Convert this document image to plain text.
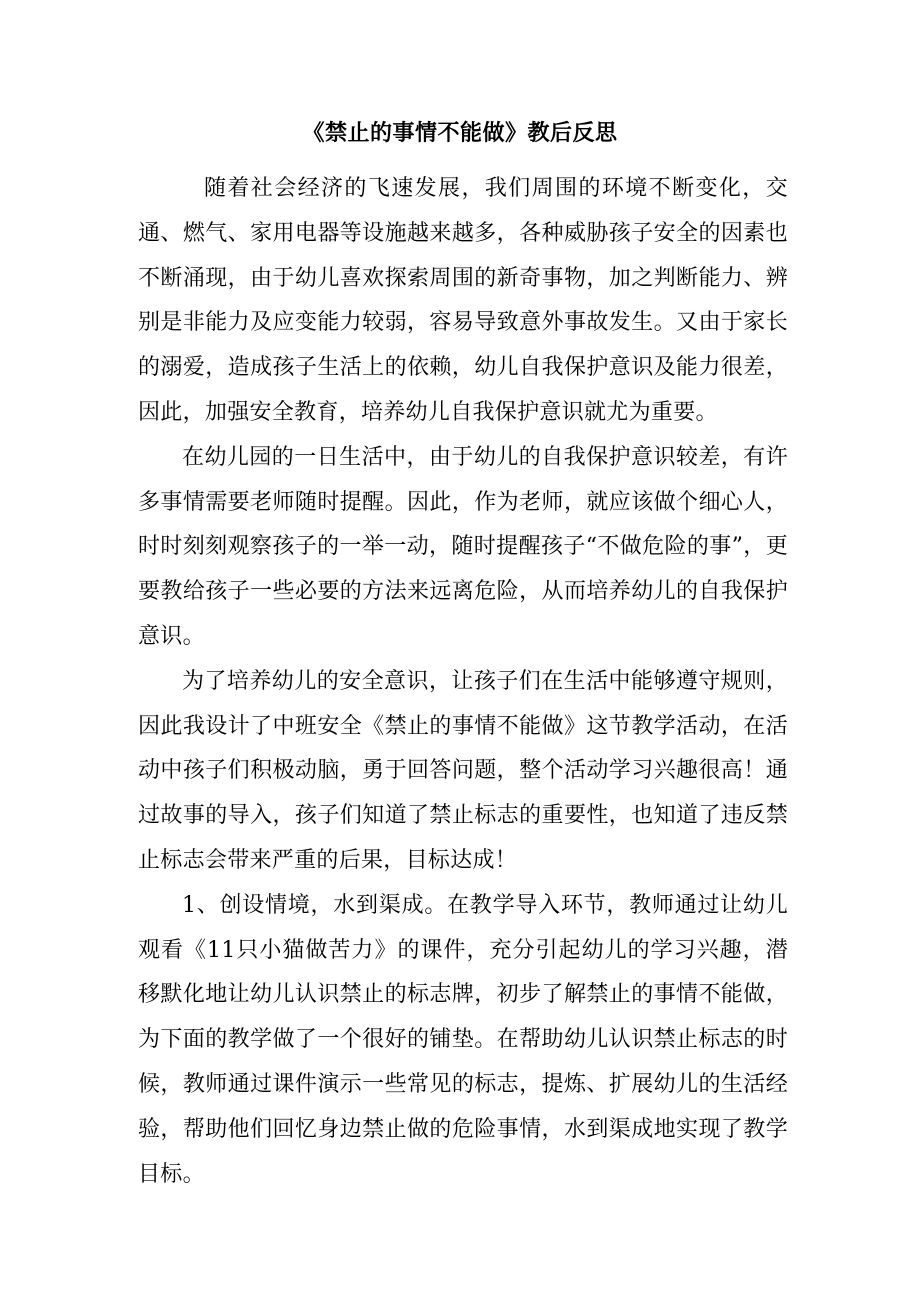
《禁止的事情不能做》教后反思

随着社会经济的飞速发展，我们周围的环境不断变化，交通、燃气、家用电器等设施越来越多，各种威胁孩子安全的因素也不断涌现，由于幼儿喜欢探索周围的新奇事物，加之判断能力、辨别是非能力及应变能力较弱，容易导致意外事故发生。又由于家长的溺爱，造成孩子生活上的依赖，幼儿自我保护意识及能力很差，因此，加强安全教育，培养幼儿自我保护意识就尤为重要。

在幼儿园的一日生活中，由于幼儿的自我保护意识较差，有许多事情需要老师随时提醒。因此，作为老师，就应该做个细心人，时时刻刻观察孩子的一举一动，随时提醒孩子“不做危险的事”，更要教给孩子一些必要的方法来远离危险，从而培养幼儿的自我保护意识。

为了培养幼儿的安全意识，让孩子们在生活中能够遵守规则，因此我设计了中班安全《禁止的事情不能做》这节教学活动，在活动中孩子们积极动脑，勇于回答问题，整个活动学习兴趣很高！通过故事的导入，孩子们知道了禁止标志的重要性，也知道了违反禁止标志会带来严重的后果，目标达成！

1、创设情境，水到渠成。在教学导入环节，教师通过让幼儿观看《11只小猫做苦力》的课件，充分引起幼儿的学习兴趣，潜移默化地让幼儿认识禁止的标志牌，初步了解禁止的事情不能做，为下面的教学做了一个很好的铺垫。在帮助幼儿认识禁止标志的时候，教师通过课件演示一些常见的标志，提炼、扩展幼儿的生活经验，帮助他们回忆身边禁止做的危险事情，水到渠成地实现了教学目标。
